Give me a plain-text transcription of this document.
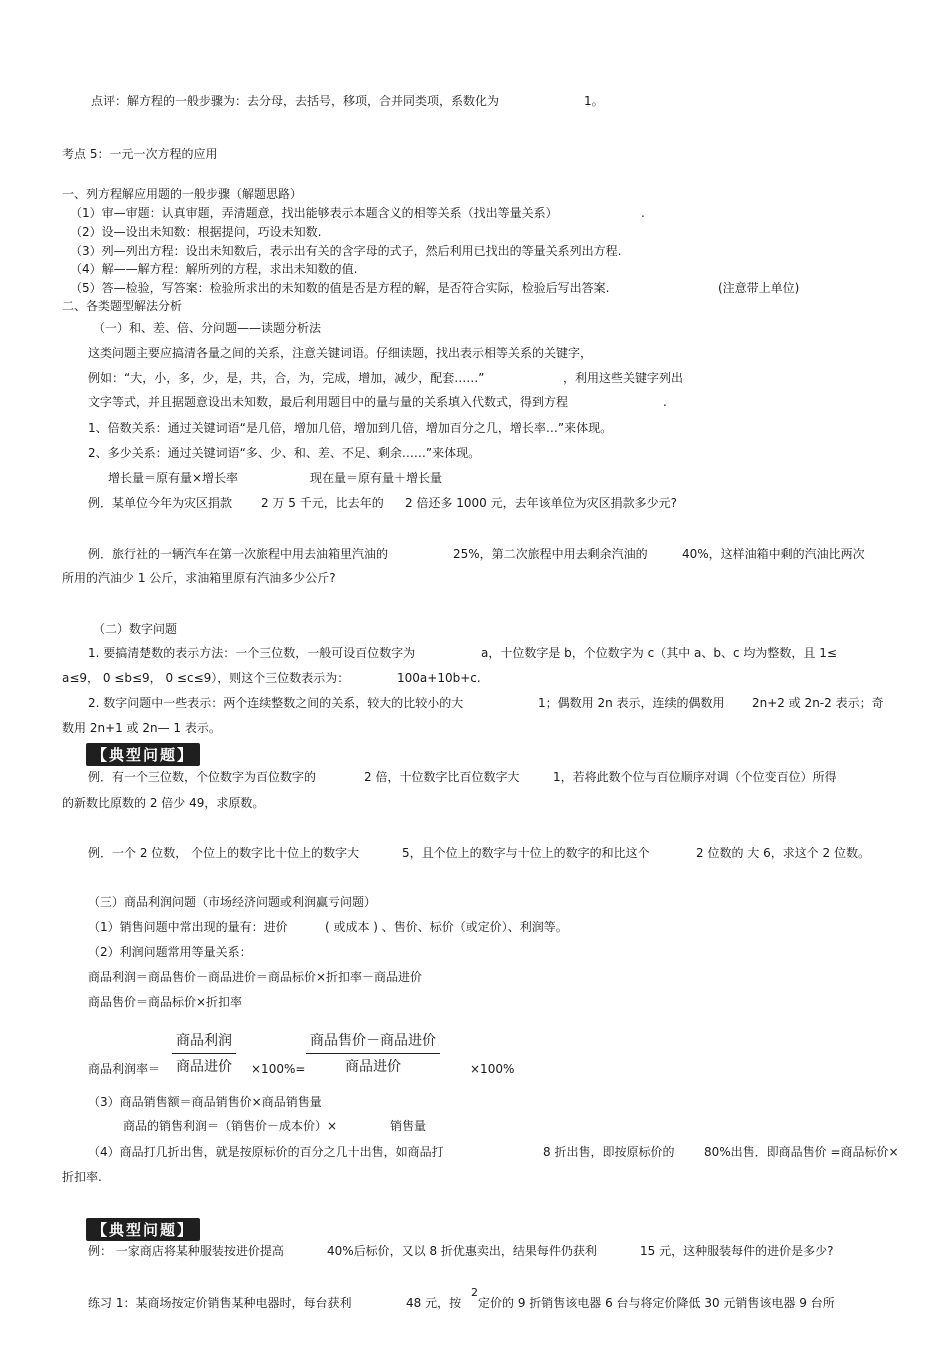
点评：解方程的一般步骤为：去分母，去括号，移项，合并同类项，系数化为	1。
考点 5：一元一次方程的应用
一、列方程解应用题的一般步骤（解题思路）
（1）审—审题：认真审题，弄清题意，找出能够表示本题含义的相等关系（找出等量关系）	.
（2）设—设出未知数：根据提问，巧设未知数.
（3）列—列出方程：设出未知数后，表示出有关的含字母的式子，然后利用已找出的等量关系列出方程.
（4）解——解方程：解所列的方程，求出未知数的值.
（5）答—检验，写答案：检验所求出的未知数的值是否是方程的解，是否符合实际，检验后写出答案.	(注意带上单位)
二、各类题型解法分析
（一）和、差、倍、分问题——读题分析法
这类问题主要应搞清各量之间的关系，注意关键词语。仔细读题，找出表示相等关系的关键字，
例如：“大，小，多，少，是，共，合，为，完成，增加，减少，配套……”	，利用这些关键字列出
文字等式，并且据题意设出未知数，最后利用题目中的量与量的关系填入代数式，得到方程	.
1、倍数关系：通过关键词语“是几倍，增加几倍，增加到几倍，增加百分之几，增长率…”来体现。
2、多少关系：通过关键词语“多、少、和、差、不足、剩余……”来体现。
增长量＝原有量×增长率	现在量＝原有量＋增长量
例．某单位今年为灾区捐款 2 万 5 千元，比去年的 2 倍还多 1000 元，去年该单位为灾区捐款多少元?
例．旅行社的一辆汽车在第一次旅程中用去油箱里汽油的	25%，第二次旅程中用去剩余汽油的	40%，这样油箱中剩的汽油比两次
所用的汽油少 1 公斤，求油箱里原有汽油多少公斤?
（二）数字问题
1. 要搞清楚数的表示方法：一个三位数，一般可设百位数字为	a，十位数字是 b，个位数字为 c（其中 a、b、c 均为整数，且 1≤
a≤9， 0 ≤b≤9， 0 ≤c≤9），则这个三位数表示为：	100a+10b+c.
2. 数字问题中一些表示：两个连续整数之间的关系，较大的比较小的大	1；偶数用 2n 表示，连续的偶数用 2n+2 或 2n-2 表示；奇
数用 2n+1 或 2n— 1 表示。
【典型问题】
例．有一个三位数，个位数字为百位数字的	2 倍，十位数字比百位数字大	1，若将此数个位与百位顺序对调（个位变百位）所得
的新数比原数的 2 倍少 49，求原数。
例．一个 2 位数， 个位上的数字比十位上的数字大	5，且个位上的数字与十位上的数字的和比这个	2 位数的 大 6，求这个 2 位数。
（三）商品利润问题（市场经济问题或利润赢亏问题）
（1）销售问题中常出现的量有：进价	( 或成本 ) 、售价、标价（或定价）、利润等。
（2）利润问题常用等量关系：
商品利润＝商品售价－商品进价＝商品标价×折扣率－商品进价
商品售价＝商品标价×折扣率
商品利润率＝
商品利润
商品进价	×100%=
商品售价－商品进价
商品进价	×100%
（3）商品销售额＝商品销售价×商品销售量
商品的销售利润＝（销售价－成本价）×	销售量
（4）商品打几折出售，就是按原标价的百分之几十出售，如商品打	8 折出售，即按原标价的 80%出售．即商品售价 =商品标价×
折扣率.
【典型问题】
例： 一家商店将某种服装按进价提高	40%后标价，又以 8 折优惠卖出，结果每件仍获利	15 元，这种服装每件的进价是多少?
练习 1：某商场按定价销售某种电器时，每台获利	48 元，按 定价的 9 折销售该电器 6 台与将定价降低 30 元销售该电器 9 台所
2
